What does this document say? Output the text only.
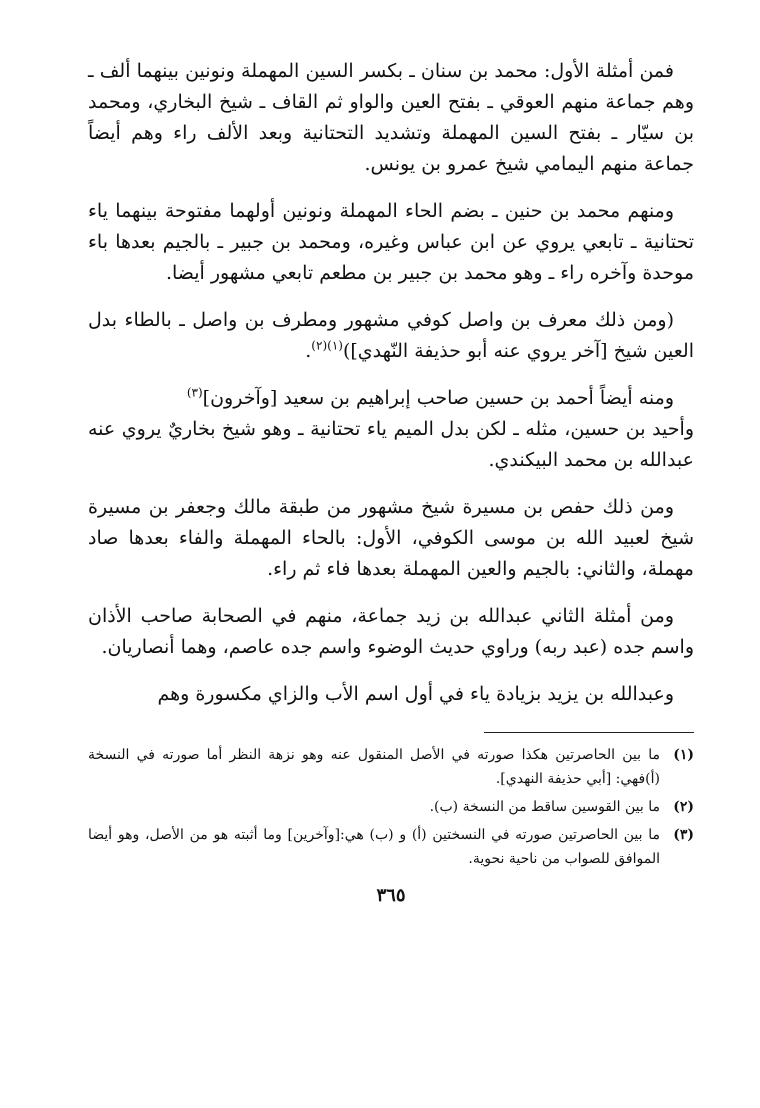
فمن أمثلة الأول: محمد بن سنان ـ بكسر السين المهملة ونونين بينهما ألف ـ وهم جماعة منهم العوقي ـ بفتح العين والواو ثم القاف ـ شيخ البخاري، ومحمد بن سيّار ـ بفتح السين المهملة وتشديد التحتانية وبعد الألف راء وهم أيضاً جماعة منهم اليمامي شيخ عمرو بن يونس.

ومنهم محمد بن حنين ـ بضم الحاء المهملة ونونين أولهما مفتوحة بينهما ياء تحتانية ـ تابعي يروي عن ابن عباس وغيره، ومحمد بن جبير ـ بالجيم بعدها باء موحدة وآخره راء ـ وهو محمد بن جبير بن مطعم تابعي مشهور أيضا.

(ومن ذلك معرف بن واصل كوفي مشهور ومطرف بن واصل ـ بالطاء بدل العين شيخ [آخر يروي عنه أبو حذيفة النّهدي])$^{(١)(٢)}$.

ومنه أيضاً أحمد بن حسين صاحب إبراهيم بن سعيد [وآخرون]$^{(٣)}$

وأحيد بن حسين، مثله ـ لكن بدل الميم ياء تحتانية ـ وهو شيخ بخاريٌ يروي عنه عبدالله بن محمد البيكندي.

ومن ذلك حفص بن مسيرة شيخ مشهور من طبقة مالك وجعفر بن مسيرة شيخ لعبيد الله بن موسى الكوفي، الأول: بالحاء المهملة والفاء بعدها صاد مهملة، والثاني: بالجيم والعين المهملة بعدها فاء ثم راء.

ومن أمثلة الثاني عبدالله بن زيد جماعة، منهم في الصحابة صاحب الأذان واسم جده (عبد ربه) وراوي حديث الوضوء واسم جده عاصم، وهما أنصاريان.

وعبدالله بن يزيد بزيادة ياء في أول اسم الأب والزاي مكسورة وهم

(١)
ما بين الحاصرتين هكذا صورته في الأصل المنقول عنه وهو نزهة النظر أما صورته في النسخة (أ)فهي: [أبي حذيفة النهدي].
(٢)
ما بين القوسين ساقط من النسخة (ب).
(٣)
ما بين الحاصرتين صورته في النسختين (أ) و (ب) هي:[وآخرين] وما أثبته هو من الأصل، وهو أيضا الموافق للصواب من ناحية نحوية.
٣٦٥
